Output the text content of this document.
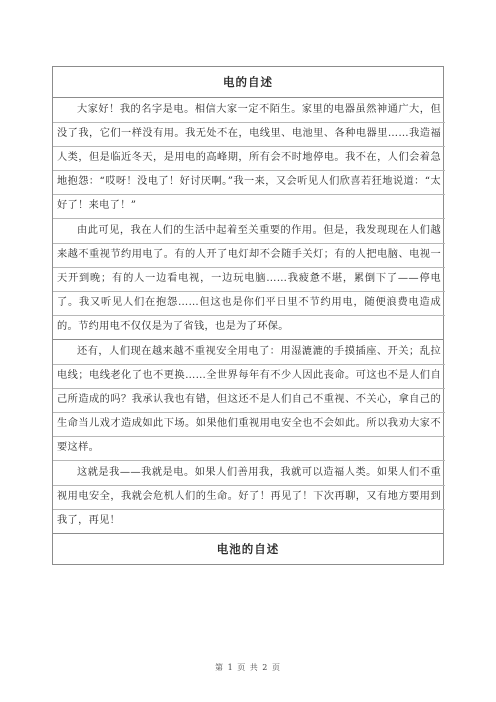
电的自述

大家好！我的名字是电。相信大家一定不陌生。家里的电器虽然神通广大，但没了我，它们一样没有用。我无处不在，电线里、电池里、各种电器里……我造福人类，但是临近冬天，是用电的高峰期，所有会不时地停电。我不在，人们会着急地抱怨：“哎呀！没电了！好讨厌啊。”我一来，又会听见人们欣喜若狂地说道：“太好了！来电了！”

由此可见，我在人们的生活中起着至关重要的作用。但是，我发现现在人们越来越不重视节约用电了。有的人开了电灯却不会随手关灯；有的人把电脑、电视一天开到晚；有的人一边看电视，一边玩电脑……我疲惫不堪，累倒下了——停电了。我又听见人们在抱怨……但这也是你们平日里不节约用电，随便浪费电造成的。节约用电不仅仅是为了省钱，也是为了环保。

还有，人们现在越来越不重视安全用电了：用湿漉漉的手摸插座、开关；乱拉电线；电线老化了也不更换……全世界每年有不少人因此丧命。可这也不是人们自己所造成的吗？我承认我也有错，但这还不是人们自己不重视、不关心，拿自己的生命当儿戏才造成如此下场。如果他们重视用电安全也不会如此。所以我劝大家不要这样。

这就是我——我就是电。如果人们善用我，我就可以造福人类。如果人们不重视用电安全，我就会危机人们的生命。好了！再见了！下次再聊，又有地方要用到我了，再见！

电池的自述
第 1 页 共 2 页
